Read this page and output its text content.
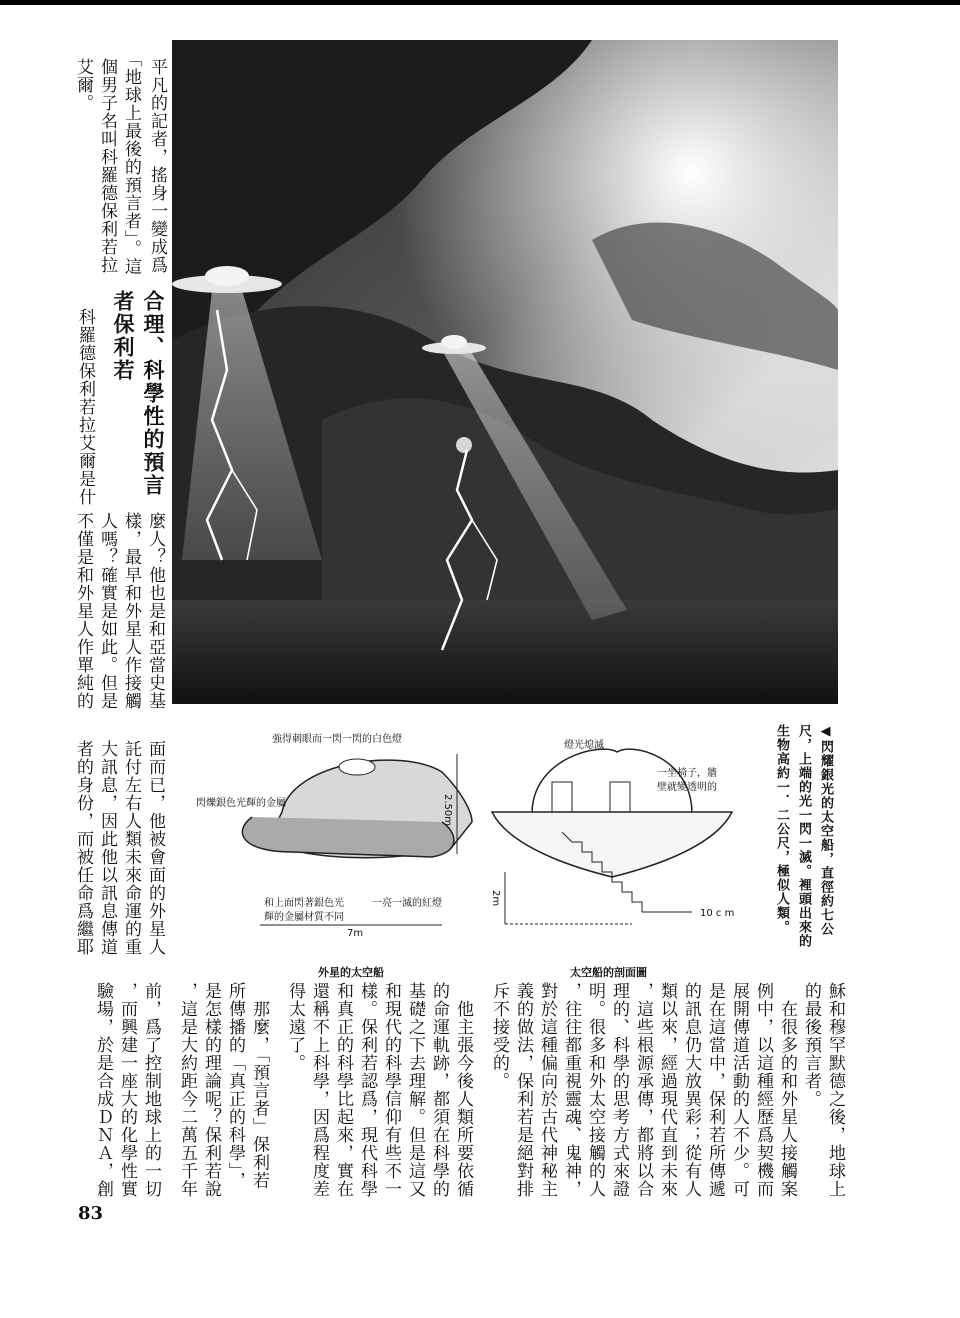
平凡的記者，搖身一變成爲
「地球上最後的預言者」。這
個男子名叫科羅德保利若拉
艾爾。
合理、科學性的預言
者保利若
科羅德保利若拉艾爾是什
麼人？他也是和亞當史基
樣，最早和外星人作接觸
人嗎？確實是如此。但是
不僅是和外星人作單純的
面而已，他被會面的外星人
託付左右人類未來命運的重
大訊息，因此他以訊息傳道
者的身份，而被任命爲繼耶
強得刺眼而一閃一閃的白色燈
閃爍銀色光輝的金屬
和上面閃著銀色光
輝的金屬材質不同
一亮一滅的紅燈
2.50m
7m
燈光熄滅
一坐椅子，牆
壁就變透明的
2m
10 c m	◀閃耀銀光的太空船，直徑約七公尺，上端的光一閃一滅。裡頭出來的生物高約一．二公尺，極似人類。
外星的太空船	太空船的剖面圖
穌和穆罕默德之後，地球上
的最後預言者。
在很多的和外星人接觸案
例中，以這種經歷爲契機而
展開傳道活動的人不少。可
是在這當中，保利若所傳遞
的訊息仍大放異彩；從有人
類以來，經過現代直到未來
，這些根源承傳，都將以合
理的、科學的思考方式來證
明。很多和外太空接觸的人
，往往都重視靈魂、鬼神，
對於這種偏向於古代神秘主
義的做法，保利若是絕對排
斥不接受的。
他主張今後人類所要依循
的命運軌跡，都須在科學的
基礎之下去理解。但是這又
和現代的科學信仰有些不一
樣。保利若認爲，現代科學
和真正的科學比起來，實在
還稱不上科學，因爲程度差
得太遠了。
那麼，「預言者」保利若
所傳播的「真正的科學」，
是怎樣的理論呢？保利若說
，這是大約距今二萬五千年
前，爲了控制地球上的一切
，而興建一座大的化學性實
驗場，於是合成ＤＮＡ，創
83
